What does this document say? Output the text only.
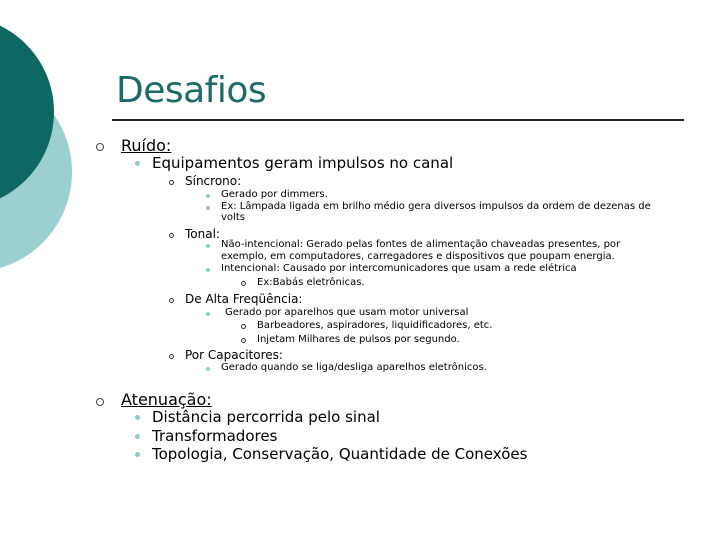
Desafios
Ruído:
Equipamentos geram impulsos no canal
Síncrono:
Gerado por dimmers.
Ex: Lâmpada ligada em brilho médio gera diversos impulsos da ordem de dezenas de
volts
Tonal:
Não-intencional: Gerado pelas fontes de alimentação chaveadas presentes, por
exemplo, em computadores, carregadores e dispositivos que poupam energia.
Intencional: Causado por intercomunicadores que usam a rede elétrica
Ex:Babás eletrônicas.
De Alta Freqüência:
Gerado por aparelhos que usam motor universal
Barbeadores, aspiradores, liquidificadores, etc.
Injetam Milhares de pulsos por segundo.
Por Capacitores:
Gerado quando se liga/desliga aparelhos eletrônicos.
Atenuação:
Distância percorrida pelo sinal
Transformadores
Topologia, Conservação, Quantidade de Conexões
